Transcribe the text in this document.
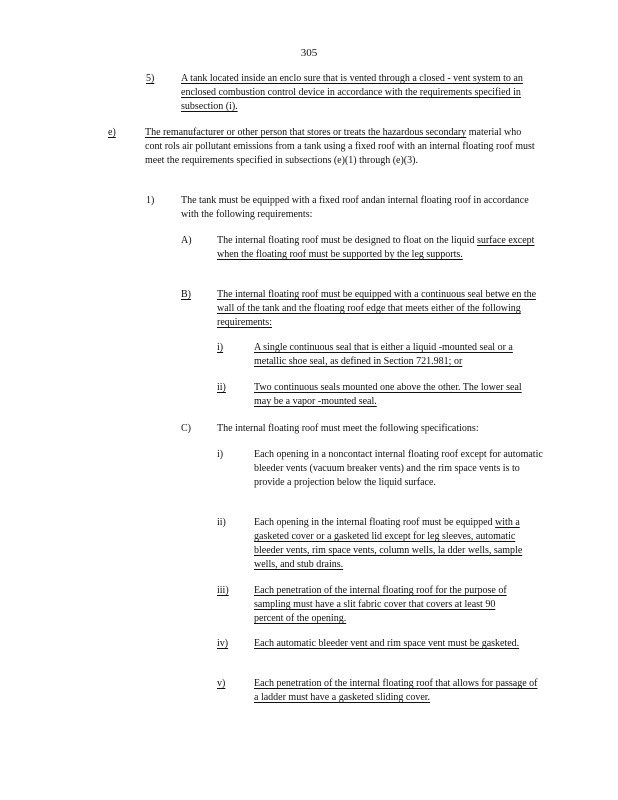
305
5)	A tank located inside an enclo sure that is vented through a closed - vent system to an enclosed combustion control device in accordance with the requirements specified in subsection (i).
e)	The remanufacturer or other person that stores or treats the hazardous secondary material who cont rols air pollutant emissions from a tank using a fixed roof with an internal floating roof must meet the requirements specified in subsections (e)(1) through (e)(3).
1)	The tank must be equipped with a fixed roof andan internal floating roof in accordance with the following requirements:
A)	The internal floating roof must be designed to float on the liquid surface except when the floating roof must be supported by the leg supports.
B)	The internal floating roof must be equipped with a continuous seal betwe en the wall of the tank and the floating roof edge that meets either of the following requirements:
i)	A single continuous seal that is either a liquid -mounted seal or a metallic shoe seal, as defined in Section 721.981; or
ii)	Two continuous seals mounted one above the other. The lower seal may be a vapor -mounted seal.
C)	The internal floating roof must meet the following specifications:
i)	Each opening in a noncontact internal floating roof except for automatic bleeder vents (vacuum breaker vents) and the rim space vents is to provide a projection below the liquid surface.
ii)	Each opening in the internal floating roof must be equipped with a gasketed cover or a gasketed lid except for leg sleeves, automatic bleeder vents, rim space vents, column wells, la dder wells, sample wells, and stub drains.
iii)	Each penetration of the internal floating roof for the purpose of sampling must have a slit fabric cover that covers at least 90 percent of the opening.
iv)	Each automatic bleeder vent and rim space vent must be gasketed.
v)	Each penetration of the internal floating roof that allows for passage of a ladder must have a gasketed sliding cover.
